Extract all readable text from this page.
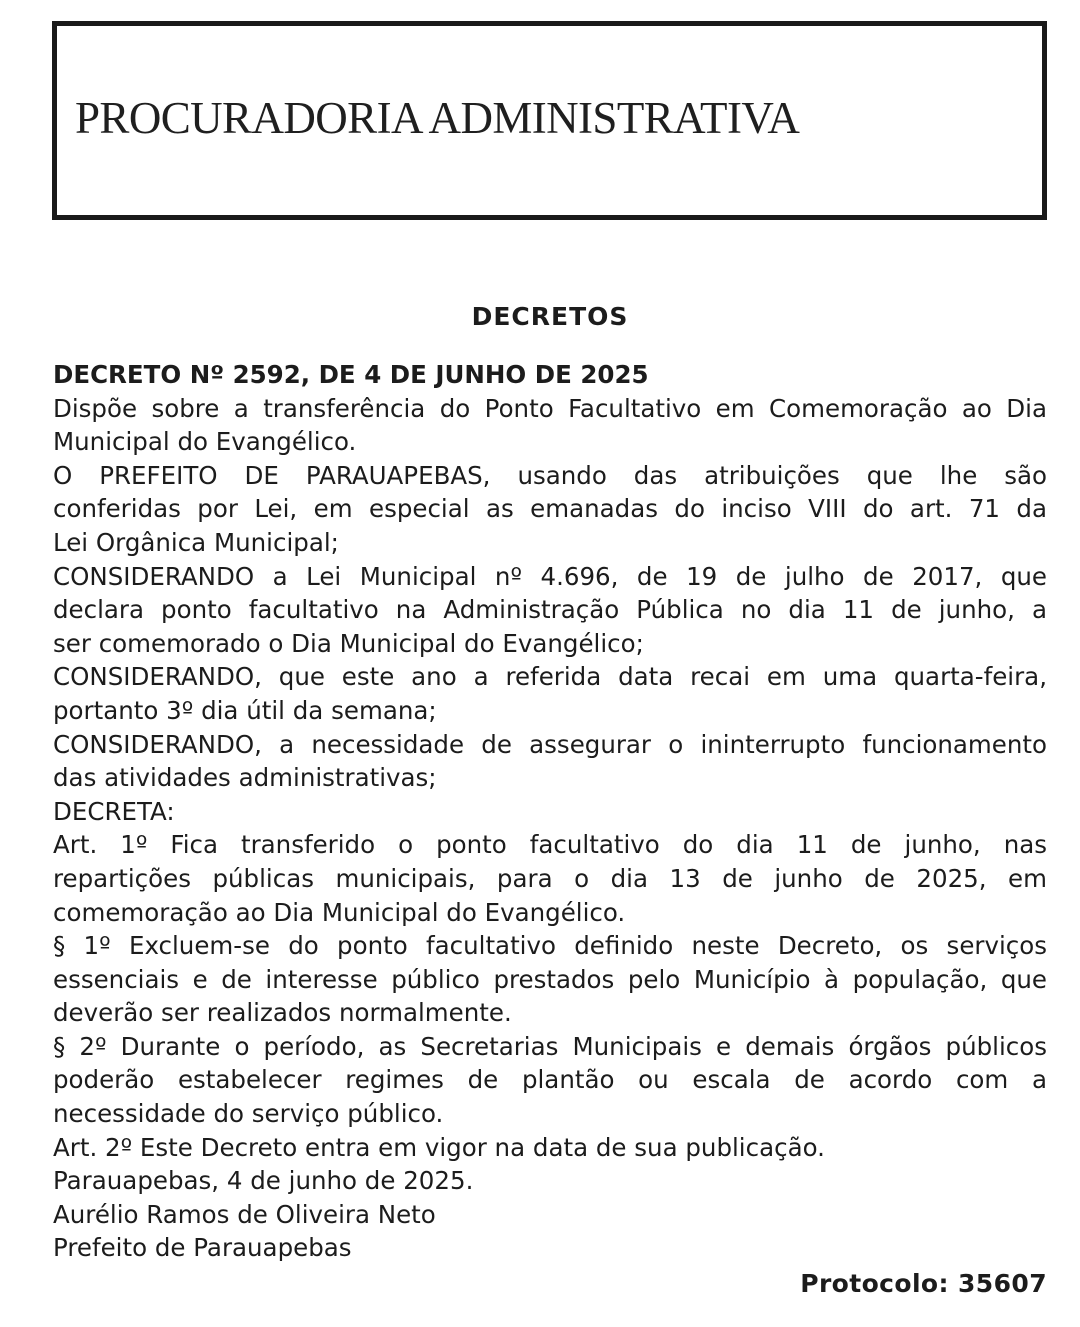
PROCURADORIA ADMINISTRATIVA
DECRETOS
DECRETO Nº 2592, DE 4 DE JUNHO DE 2025
Dispõe sobre a transferência do Ponto Facultativo em Comemoração ao Dia
Municipal do Evangélico.
O PREFEITO DE PARAUAPEBAS, usando das atribuições que lhe são
conferidas por Lei, em especial as emanadas do inciso VIII do art. 71 da
Lei Orgânica Municipal;
CONSIDERANDO a Lei Municipal nº 4.696, de 19 de julho de 2017, que
declara ponto facultativo na Administração Pública no dia 11 de junho, a
ser comemorado o Dia Municipal do Evangélico;
CONSIDERANDO, que este ano a referida data recai em uma quarta-feira,
portanto 3º dia útil da semana;
CONSIDERANDO, a necessidade de assegurar o ininterrupto funcionamento
das atividades administrativas;
DECRETA:
Art. 1º Fica transferido o ponto facultativo do dia 11 de junho, nas
repartições públicas municipais, para o dia 13 de junho de 2025, em
comemoração ao Dia Municipal do Evangélico.
§ 1º Excluem-se do ponto facultativo definido neste Decreto, os serviços
essenciais e de interesse público prestados pelo Município à população, que
deverão ser realizados normalmente.
§ 2º Durante o período, as Secretarias Municipais e demais órgãos públicos
poderão estabelecer regimes de plantão ou escala de acordo com a
necessidade do serviço público.
Art. 2º Este Decreto entra em vigor na data de sua publicação.
Parauapebas, 4 de junho de 2025.
Aurélio Ramos de Oliveira Neto
Prefeito de Parauapebas
Protocolo: 35607
